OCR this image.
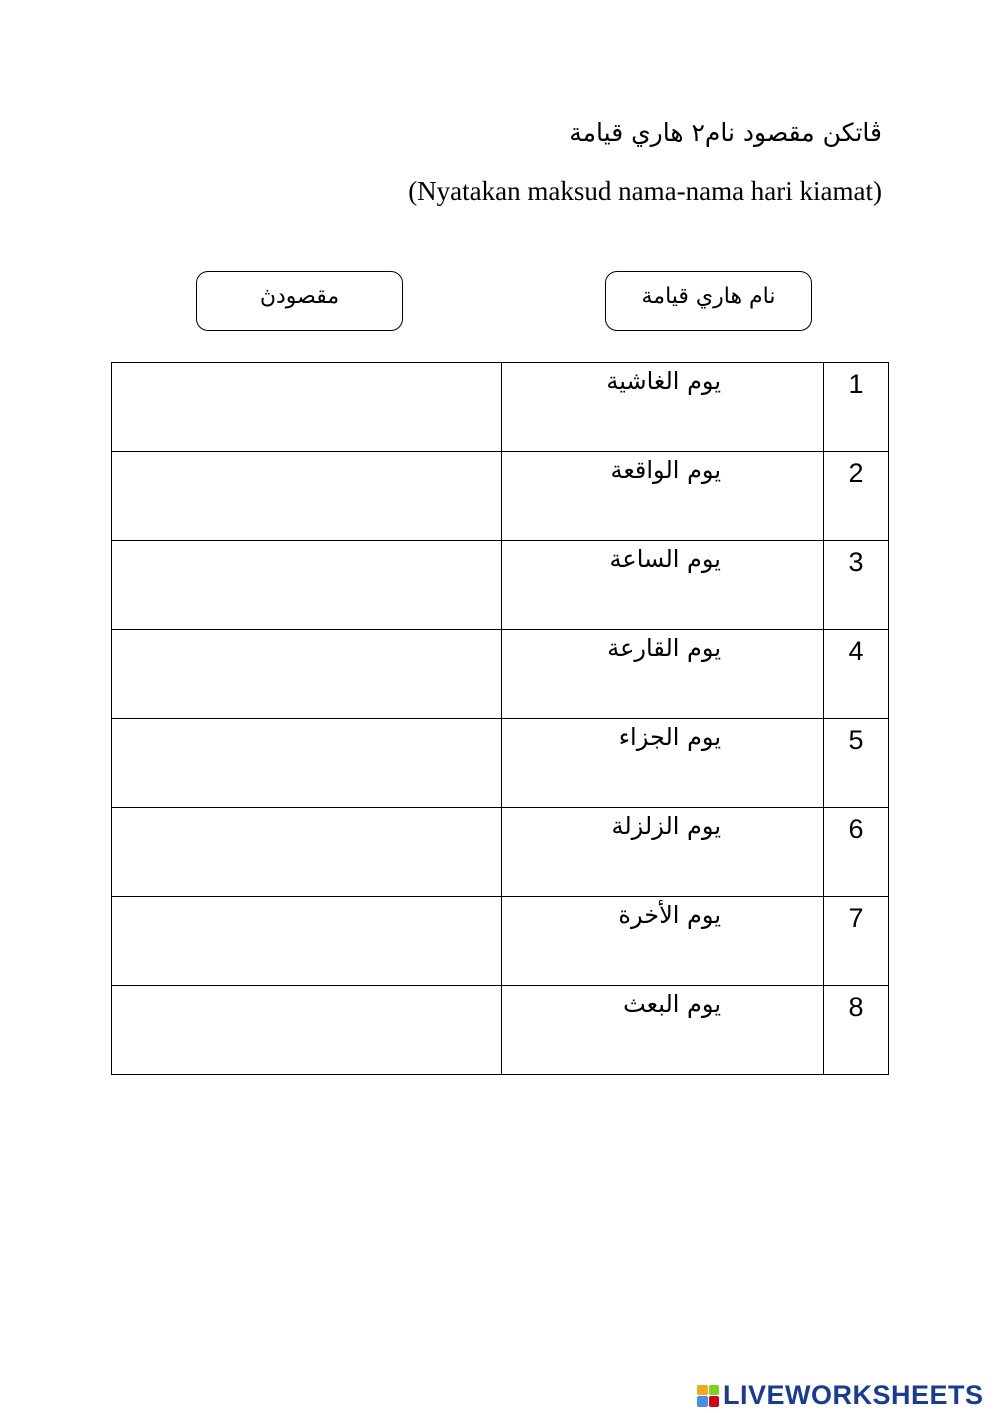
ڤاتكن مقصود نام٢ هاري قيامة
(Nyatakan maksud nama-nama hari kiamat)
مقصودڽ	نام هاري قيامة
	يوم الغاشية	1
	يوم الواقعة	2
	يوم الساعة	3
	يوم القارعة	4
	يوم الجزاء	5
	يوم الزلزلة	6
	يوم الأخرة	7
	يوم البعث	8
LIVEWORKSHEETS
